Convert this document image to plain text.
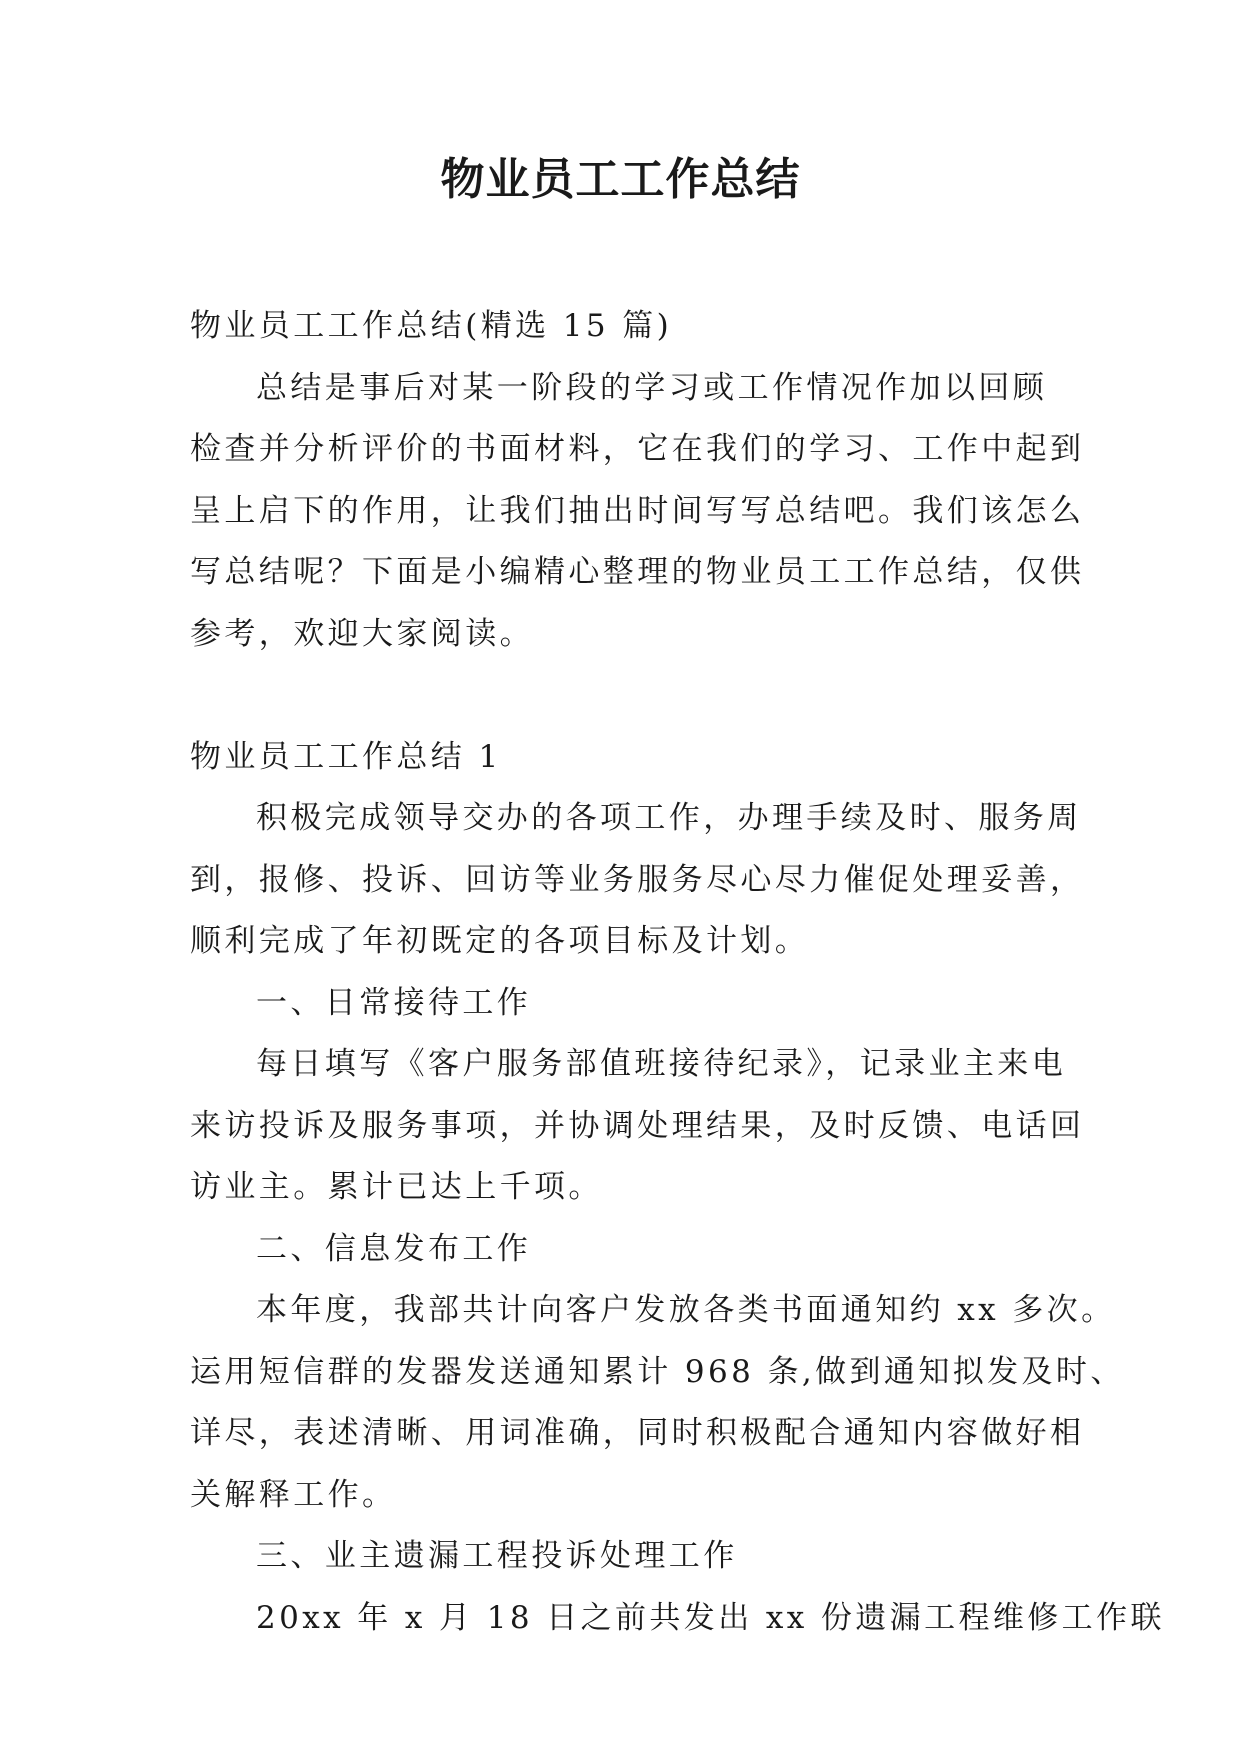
物业员工工作总结
物业员工工作总结(精选 15 篇)
总结是事后对某一阶段的学习或工作情况作加以回顾
检查并分析评价的书面材料，它在我们的学习、工作中起到
呈上启下的作用，让我们抽出时间写写总结吧。我们该怎么
写总结呢？下面是小编精心整理的物业员工工作总结，仅供
参考，欢迎大家阅读。
物业员工工作总结 1
积极完成领导交办的各项工作，办理手续及时、服务周
到，报修、投诉、回访等业务服务尽心尽力催促处理妥善，
顺利完成了年初既定的各项目标及计划。
一、日常接待工作
每日填写《客户服务部值班接待纪录》，记录业主来电
来访投诉及服务事项，并协调处理结果，及时反馈、电话回
访业主。累计已达上千项。
二、信息发布工作
本年度，我部共计向客户发放各类书面通知约 xx 多次。
运用短信群的发器发送通知累计 968 条,做到通知拟发及时、
详尽，表述清晰、用词准确，同时积极配合通知内容做好相
关解释工作。
三、业主遗漏工程投诉处理工作
20xx 年 x 月 18 日之前共发出 xx 份遗漏工程维修工作联
